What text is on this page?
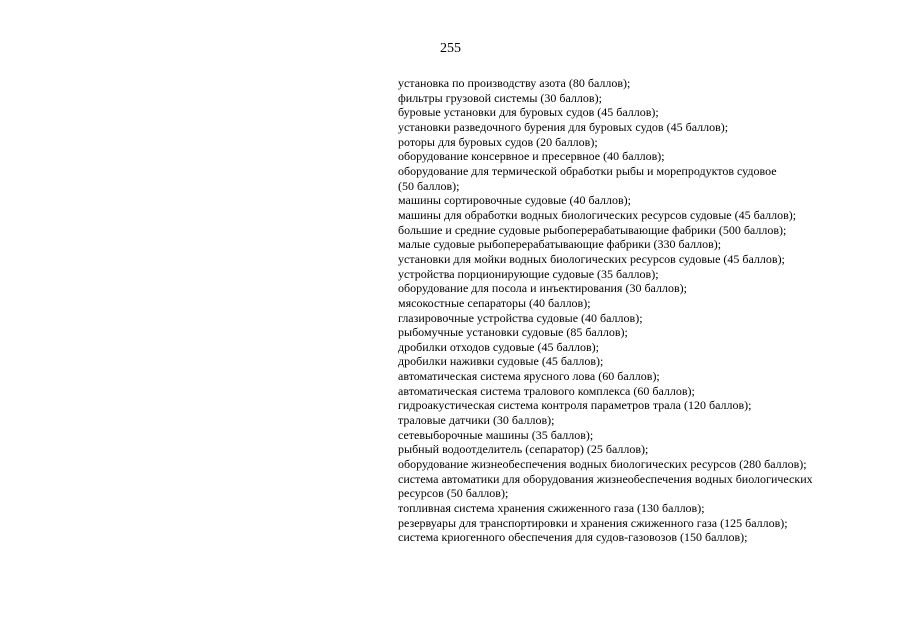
255
установка по производству азота (80 баллов);
фильтры грузовой системы (30 баллов);
буровые установки для буровых судов (45 баллов);
установки разведочного бурения для буровых судов (45 баллов);
роторы для буровых судов (20 баллов);
оборудование консервное и пресервное (40 баллов);
оборудование для термической обработки рыбы и морепродуктов судовое
(50 баллов);
машины сортировочные судовые (40 баллов);
машины для обработки водных биологических ресурсов судовые (45 баллов);
большие и средние судовые рыбоперерабатывающие фабрики (500 баллов);
малые судовые рыбоперерабатывающие фабрики (330 баллов);
установки для мойки водных биологических ресурсов судовые (45 баллов);
устройства порционирующие судовые (35 баллов);
оборудование для посола и инъектирования (30 баллов);
мясокостные сепараторы (40 баллов);
глазировочные устройства судовые (40 баллов);
рыбомучные установки судовые (85 баллов);
дробилки отходов судовые (45 баллов);
дробилки наживки судовые (45 баллов);
автоматическая система ярусного лова (60 баллов);
автоматическая система тралового комплекса (60 баллов);
гидроакустическая система контроля параметров трала (120 баллов);
траловые датчики (30 баллов);
сетевыборочные машины (35 баллов);
рыбный водоотделитель (сепаратор) (25 баллов);
оборудование жизнеобеспечения водных биологических ресурсов (280 баллов);
система автоматики для оборудования жизнеобеспечения водных биологических
ресурсов (50 баллов);
топливная система хранения сжиженного газа (130 баллов);
резервуары для транспортировки и хранения сжиженного газа (125 баллов);
система криогенного обеспечения для судов-газовозов (150 баллов);
